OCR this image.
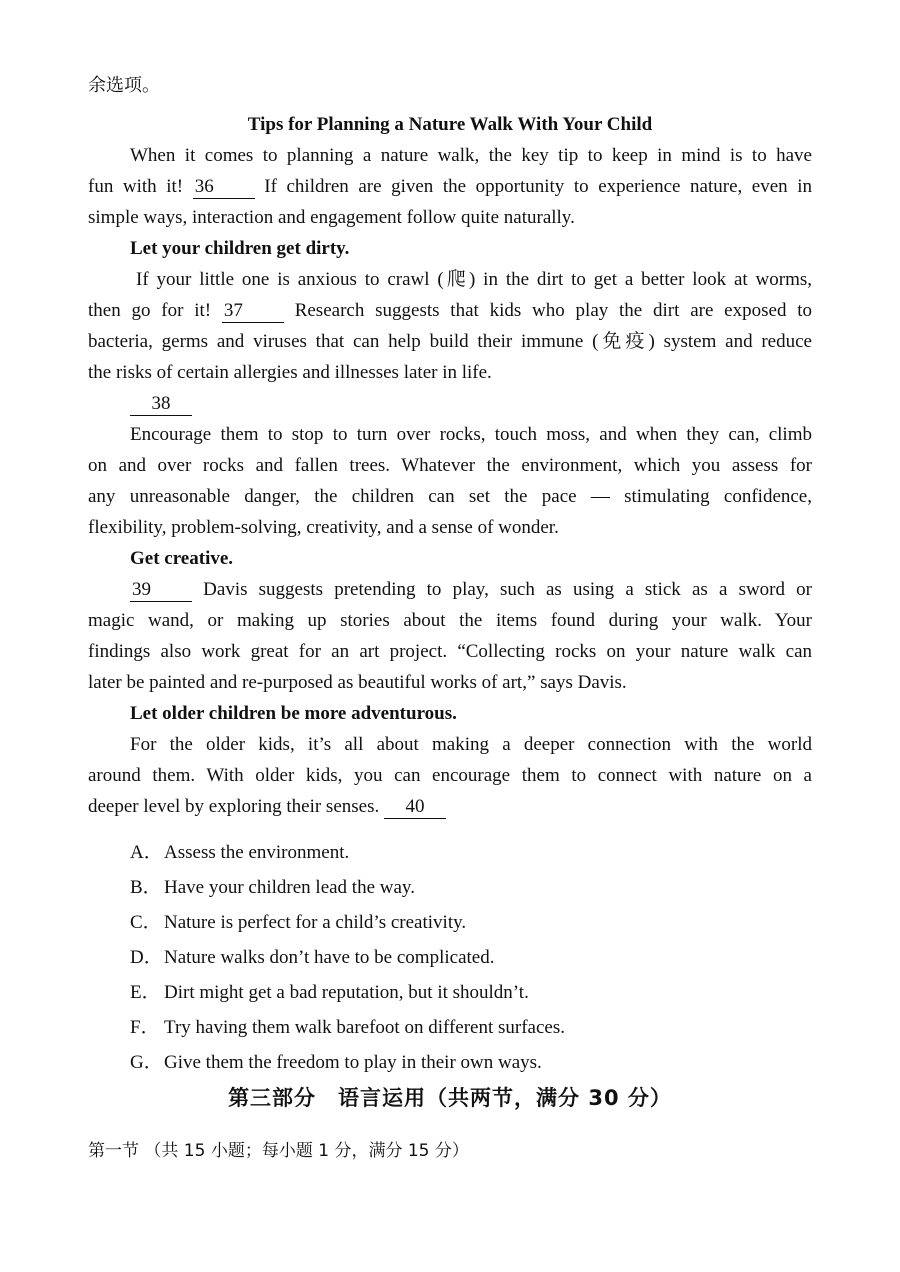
余选项。
Tips for Planning a Nature Walk With Your Child
When it comes to planning a nature walk, the key tip to keep in mind is to have
fun with it! 36	If children are given the opportunity to experience nature, even in
simple ways, interaction and engagement follow quite naturally.
Let your children get dirty.
If your little one is anxious to crawl (爬) in the dirt to get a better look at worms,
then go for it! 37	Research suggests that kids who play the dirt are exposed to
bacteria, germs and viruses that can help build their immune (免疫) system and reduce
the risks of certain allergies and illnesses later in life.
38
Encourage them to stop to turn over rocks, touch moss, and when they can, climb
on and over rocks and fallen trees. Whatever the environment, which you assess for
any unreasonable danger, the children can set the pace — stimulating confidence,
flexibility, problem-solving, creativity, and a sense of wonder.
Get creative.
39	Davis suggests pretending to play, such as using a stick as a sword or
magic wand, or making up stories about the items found during your walk. Your
findings also work great for an art project. “Collecting rocks on your nature walk can
later be painted and re-purposed as beautiful works of art,” says Davis.
Let older children be more adventurous.
For the older kids, it’s all about making a deeper connection with the world
around them. With older kids, you can encourage them to connect with nature on a
deeper level by exploring their senses. 40
A．Assess the environment.
B． Have your children lead the way.
C． Nature is perfect for a child’s creativity.
D．Nature walks don’t have to be complicated.
E． Dirt might get a bad reputation, but it shouldn’t.
F． Try having them walk barefoot on different surfaces.
G．Give them the freedom to play in their own ways.
第三部分　语言运用（共两节，满分 30 分）
第一节 （共 15 小题；每小题 1 分，满分 15 分）
